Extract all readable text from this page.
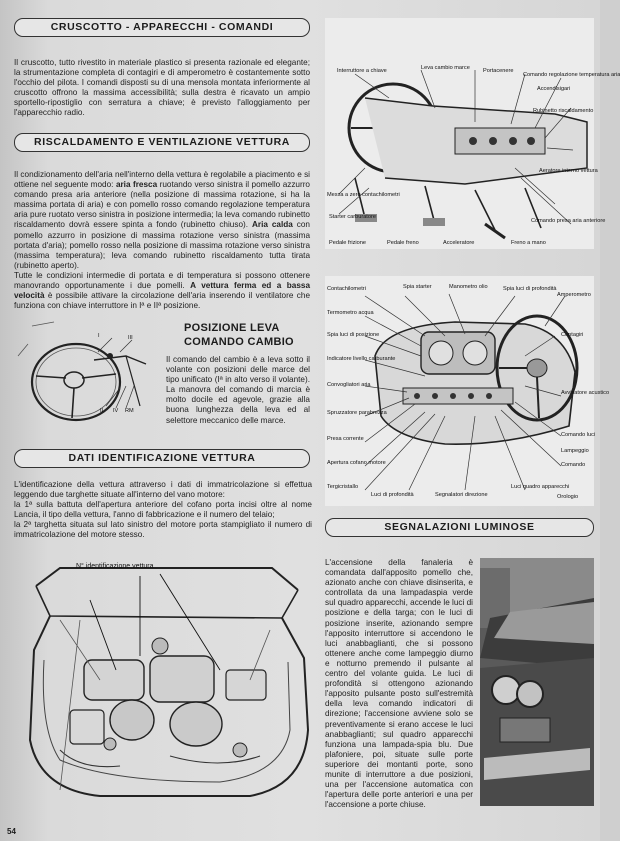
CRUSCOTTO - APPARECCHI - COMANDI
Il cruscotto, tutto rivestito in materiale plastico si presenta razionale ed elegante; la strumentazione completa di contagiri e di amperometro è costantemente sotto l'occhio del pilota. I comandi disposti su di una mensola montata inferiormente al cruscotto offrono la massima accessibilità; sulla destra è ricavato un ampio sportello-ripostiglio con serratura a chiave; è previsto l'alloggiamento per l'apparecchio radio.
RISCALDAMENTO E VENTILAZIONE VETTURA
Il condizionamento dell'aria nell'interno della vettura è regolabile a piacimento e si ottiene nel seguente modo: aria fresca ruotando verso sinistra il pomello azzurro comando presa aria anteriore (nella posizione di massima rotazione, si ha la massima portata di aria) e con pomello rosso comando regolazione temperatura aria pure ruotato verso sinistra in posizione intermedia; la leva comando rubinetto riscaldamento dovrà essere spinta a fondo (rubinetto chiuso). Aria calda con pomello azzurro in posizione di massima rotazione verso sinistra (massima portata d'aria); pomello rosso nella posizione di massima rotazione verso sinistra (massima temperatura); leva comando rubinetto riscaldamento tutta tirata (rubinetto aperto).
Tutte le condizioni intermedie di portata e di temperatura si possono ottenere manovrando opportunamente i due pomelli. A vettura ferma ed a bassa velocità è possibile attivare la circolazione dell'aria inserendo il ventilatore che funziona con chiave interruttore in Iª e IIª posizione.
I	III
II IV RM
POSIZIONE LEVA
COMANDO CAMBIO
Il comando del cambio è a leva sotto il volante con posizioni delle marce del tipo unificato (Iª in alto verso il volante). La manovra del comando di marcia è molto docile ed agevole, grazie alla buona lunghezza della leva ed al selettore meccanico delle marce.
DATI IDENTIFICAZIONE VETTURA
L'identificazione della vettura attraverso i dati di immatricolazione si effettua leggendo due targhette situate all'interno del vano motore:
la 1ª sulla battuta dell'apertura anteriore del cofano porta incisi oltre al nome Lancia, il tipo della vettura, l'anno di fabbricazione e il numero del telaio;
la 2ª targhetta situata sul lato sinistro del motore porta stampigliato il numero di immatricolazione del motore stesso.
N° identificazione vettura
Interruttore a chiave	Leva cambio marce Portacenere
Comando regolazione temperatura aria
Accendisigari
Rubinetto riscaldamento
Aeratore interno vettura
Messa a zero contachilometri
Starter carburatore
Pedale frizione	Pedale freno	Acceleratore	Freno a mano
Comando presa aria anteriore
Contachilometri	Spia starter	Manometro olio	Spia luci di profondità
Amperometro
Termometro acqua
Spia luci di posizione
Indicatore livello carburante
Convogliatori aria
Spruzzatore parabrezza
Presa corrente
Apertura cofano motore
Tergicristallo
Contagiri
Avvisatore acustico
Comando luci
Lampeggio
Comando
Luci di profondità	Segnalatori direzione
Luci quadro apparecchi
Orologio
SEGNALAZIONI LUMINOSE
L'accensione della fanaleria è comandata dall'apposito pomello che, azionato anche con chiave disinserita, e controllata da una lampadaspia verde sul quadro apparecchi, accende le luci di posizione e della targa; con le luci di posizione inserite, azionando sempre l'apposito interruttore si accendono le luci anabbaglianti, che si possono ottenere anche come lampeggio diurno e notturno premendo il pulsante al centro del volante guida. Le luci di profondità si ottengono azionando l'apposito pulsante posto sull'estremità della leva comando indicatori di direzione; l'accensione avviene solo se preventivamente si erano accese le luci anabbaglianti; sul quadro apparecchi funziona una lampada-spia blu. Due plafoniere, poi, situate sulle porte superiore dei montanti porte, sono munite di interruttore a due posizioni, una per l'accensione automatica con l'apertura delle porte anteriori e una per l'accensione a porte chiuse.
54
